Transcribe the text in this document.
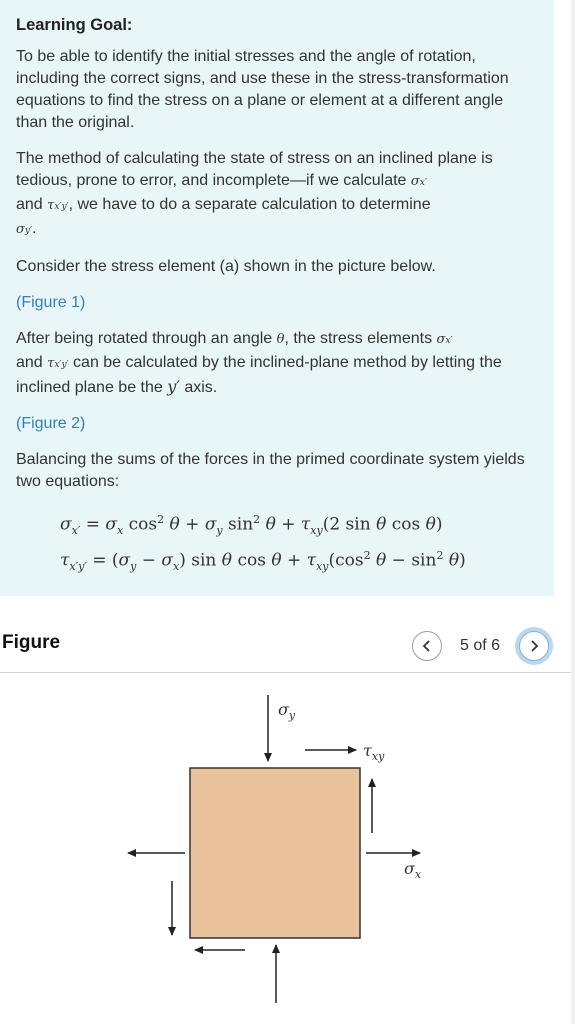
Learning Goal:

To be able to identify the initial stresses and the angle of rotation, including the correct signs, and use these in the stress-transformation equations to find the stress on a plane or element at a different angle than the original.

The method of calculating the state of stress on an inclined plane is tedious, prone to error, and incomplete—if we calculate σx′
and τx′y′, we have to do a separate calculation to determine
σy′.

Consider the stress element (a) shown in the picture below.

(Figure 1)

After being rotated through an angle θ, the stress elements σx′
and τx′y′ can be calculated by the inclined-plane method by letting the inclined plane be the y′ axis.

(Figure 2)

Balancing the sums of the forces in the primed coordinate system yields two equations:

$\sigma_{x'} = \sigma_x$ $\cos^2 \theta + \sigma_y$ $\sin^2 \theta + \tau_{xy}(2$ sin θ cos θ)
$\tau_{x'y'} = (\sigma_y - \sigma_x)$ sin θ $\cos \theta + \tau_{xy}(\cos^2$ $\theta - \sin^2 \theta$)
Figure	5 of 6
$\sigma_y$
$\tau_{xy}$
$\sigma_x$
